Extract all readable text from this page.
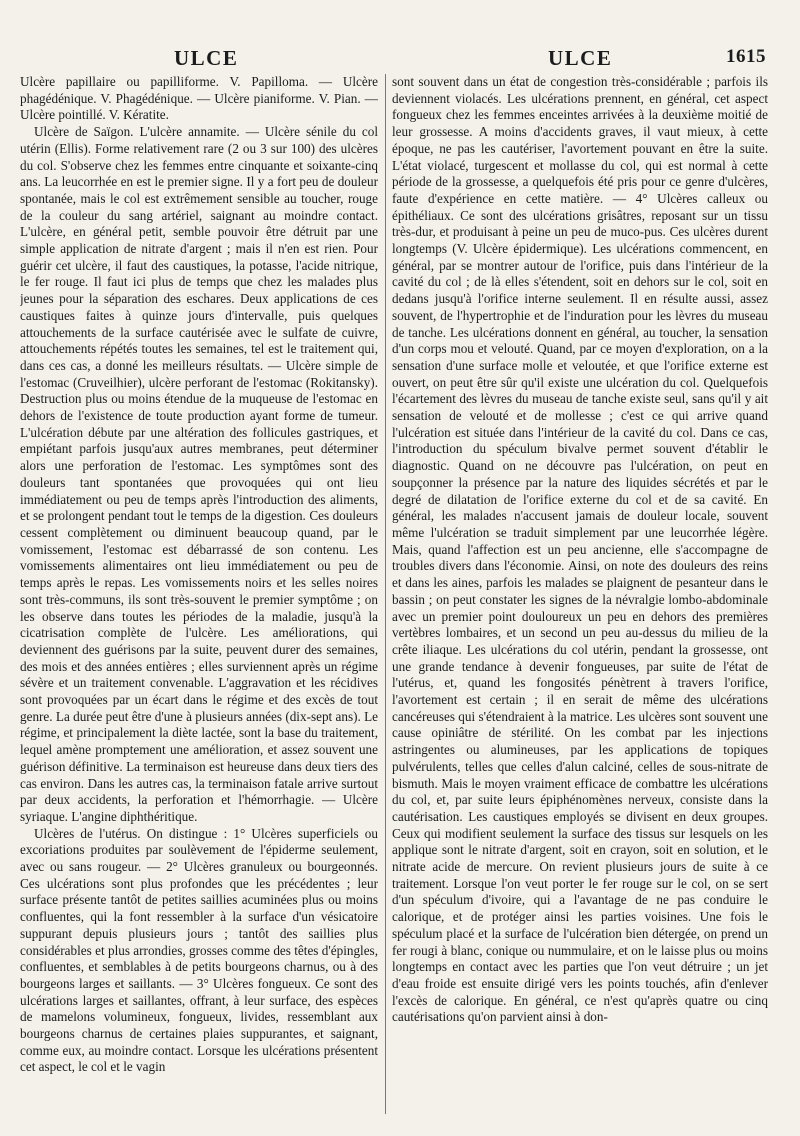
ULCE	ULCE	1615

Ulcère papillaire ou papilliforme. V. Papilloma. — Ulcère phagédénique. V. Phagédénique. — Ulcère pianiforme. V. Pian. — Ulcère pointillé. V. Kératite.

Ulcère de Saïgon. L'ulcère annamite. — Ulcère sénile du col utérin (Ellis). Forme relativement rare (2 ou 3 sur 100) des ulcères du col. S'observe chez les femmes entre cinquante et soixante-cinq ans. La leucorrhée en est le premier signe. Il y a fort peu de douleur spontanée, mais le col est extrêmement sensible au toucher, rouge de la couleur du sang artériel, saignant au moindre contact. L'ulcère, en général petit, semble pouvoir être détruit par une simple application de nitrate d'argent ; mais il n'en est rien. Pour guérir cet ulcère, il faut des caustiques, la potasse, l'acide nitrique, le fer rouge. Il faut ici plus de temps que chez les malades plus jeunes pour la séparation des eschares. Deux applications de ces caustiques faites à quinze jours d'intervalle, puis quelques attouchements de la surface cautérisée avec le sulfate de cuivre, attouchements répétés toutes les semaines, tel est le traitement qui, dans ces cas, a donné les meilleurs résultats. — Ulcère simple de l'estomac (Cruveilhier), ulcère perforant de l'estomac (Rokitansky). Destruction plus ou moins étendue de la muqueuse de l'estomac en dehors de l'existence de toute production ayant forme de tumeur. L'ulcération débute par une altération des follicules gastriques, et empiétant parfois jusqu'aux autres membranes, peut déterminer alors une perforation de l'estomac. Les symptômes sont des douleurs tant spontanées que provoquées qui ont lieu immédiatement ou peu de temps après l'introduction des aliments, et se prolongent pendant tout le temps de la digestion. Ces douleurs cessent complètement ou diminuent beaucoup quand, par le vomissement, l'estomac est débarrassé de son contenu. Les vomissements alimentaires ont lieu immédiatement ou peu de temps après le repas. Les vomissements noirs et les selles noires sont très-communs, ils sont très-souvent le premier symptôme ; on les observe dans toutes les périodes de la maladie, jusqu'à la cicatrisation complète de l'ulcère. Les améliorations, qui deviennent des guérisons par la suite, peuvent durer des semaines, des mois et des années entières ; elles surviennent après un régime sévère et un traitement convenable. L'aggravation et les récidives sont provoquées par un écart dans le régime et des excès de tout genre. La durée peut être d'une à plusieurs années (dix-sept ans). Le régime, et principalement la diète lactée, sont la base du traitement, lequel amène promptement une amélioration, et assez souvent une guérison définitive. La terminaison est heureuse dans deux tiers des cas environ. Dans les autres cas, la terminaison fatale arrive surtout par deux accidents, la perforation et l'hémorrhagie. — Ulcère syriaque. L'angine diphthéritique.

Ulcères de l'utérus. On distingue : 1° Ulcères superficiels ou excoriations produites par soulèvement de l'épiderme seulement, avec ou sans rougeur. — 2° Ulcères granuleux ou bourgeonnés. Ces ulcérations sont plus profondes que les précédentes ; leur surface présente tantôt de petites saillies acuminées plus ou moins confluentes, qui la font ressembler à la surface d'un vésicatoire suppurant depuis plusieurs jours ; tantôt des saillies plus considérables et plus arrondies, grosses comme des têtes d'épingles, confluentes, et semblables à de petits bourgeons charnus, ou à des bourgeons larges et saillants. — 3° Ulcères fongueux. Ce sont des ulcérations larges et saillantes, offrant, à leur surface, des espèces de mamelons volumineux, fongueux, livides, ressemblant aux bourgeons charnus de certaines plaies suppurantes, et saignant, comme eux, au moindre contact. Lorsque les ulcérations présentent cet aspect, le col et le vagin

sont souvent dans un état de congestion très-considérable ; parfois ils deviennent violacés. Les ulcérations prennent, en général, cet aspect fongueux chez les femmes enceintes arrivées à la deuxième moitié de leur grossesse. A moins d'accidents graves, il vaut mieux, à cette époque, ne pas les cautériser, l'avortement pouvant en être la suite. L'état violacé, turgescent et mollasse du col, qui est normal à cette période de la grossesse, a quelquefois été pris pour ce genre d'ulcères, faute d'expérience en cette matière. — 4° Ulcères calleux ou épithéliaux. Ce sont des ulcérations grisâtres, reposant sur un tissu très-dur, et produisant à peine un peu de muco-pus. Ces ulcères durent longtemps (V. Ulcère épidermique). Les ulcérations commencent, en général, par se montrer autour de l'orifice, puis dans l'intérieur de la cavité du col ; de là elles s'étendent, soit en dehors sur le col, soit en dedans jusqu'à l'orifice interne seulement. Il en résulte aussi, assez souvent, de l'hypertrophie et de l'induration pour les lèvres du museau de tanche. Les ulcérations donnent en général, au toucher, la sensation d'un corps mou et velouté. Quand, par ce moyen d'exploration, on a la sensation d'une surface molle et veloutée, et que l'orifice externe est ouvert, on peut être sûr qu'il existe une ulcération du col. Quelquefois l'écartement des lèvres du museau de tanche existe seul, sans qu'il y ait sensation de velouté et de mollesse ; c'est ce qui arrive quand l'ulcération est située dans l'intérieur de la cavité du col. Dans ce cas, l'introduction du spéculum bivalve permet souvent d'établir le diagnostic. Quand on ne découvre pas l'ulcération, on peut en soupçonner la présence par la nature des liquides sécrétés et par le degré de dilatation de l'orifice externe du col et de sa cavité. En général, les malades n'accusent jamais de douleur locale, souvent même l'ulcération se traduit simplement par une leucorrhée légère. Mais, quand l'affection est un peu ancienne, elle s'accompagne de troubles divers dans l'économie. Ainsi, on note des douleurs des reins et dans les aines, parfois les malades se plaignent de pesanteur dans le bassin ; on peut constater les signes de la névralgie lombo-abdominale avec un premier point douloureux un peu en dehors des premières vertèbres lombaires, et un second un peu au-dessus du milieu de la crête iliaque. Les ulcérations du col utérin, pendant la grossesse, ont une grande tendance à devenir fongueuses, par suite de l'état de l'utérus, et, quand les fongosités pénètrent à travers l'orifice, l'avortement est certain ; il en serait de même des ulcérations cancéreuses qui s'étendraient à la matrice. Les ulcères sont souvent une cause opiniâtre de stérilité. On les combat par les injections astringentes ou alumineuses, par les applications de topiques pulvérulents, telles que celles d'alun calciné, celles de sous-nitrate de bismuth. Mais le moyen vraiment efficace de combattre les ulcérations du col, et, par suite leurs épiphénomènes nerveux, consiste dans la cautérisation. Les caustiques employés se divisent en deux groupes. Ceux qui modifient seulement la surface des tissus sur lesquels on les applique sont le nitrate d'argent, soit en crayon, soit en solution, et le nitrate acide de mercure. On revient plusieurs jours de suite à ce traitement. Lorsque l'on veut porter le fer rouge sur le col, on se sert d'un spéculum d'ivoire, qui a l'avantage de ne pas conduire le calorique, et de protéger ainsi les parties voisines. Une fois le spéculum placé et la surface de l'ulcération bien détergée, on prend un fer rougi à blanc, conique ou nummulaire, et on le laisse plus ou moins longtemps en contact avec les parties que l'on veut détruire ; un jet d'eau froide est ensuite dirigé vers les points touchés, afin d'enlever l'excès de calorique. En général, ce n'est qu'après quatre ou cinq cautérisations qu'on parvient ainsi à don-
